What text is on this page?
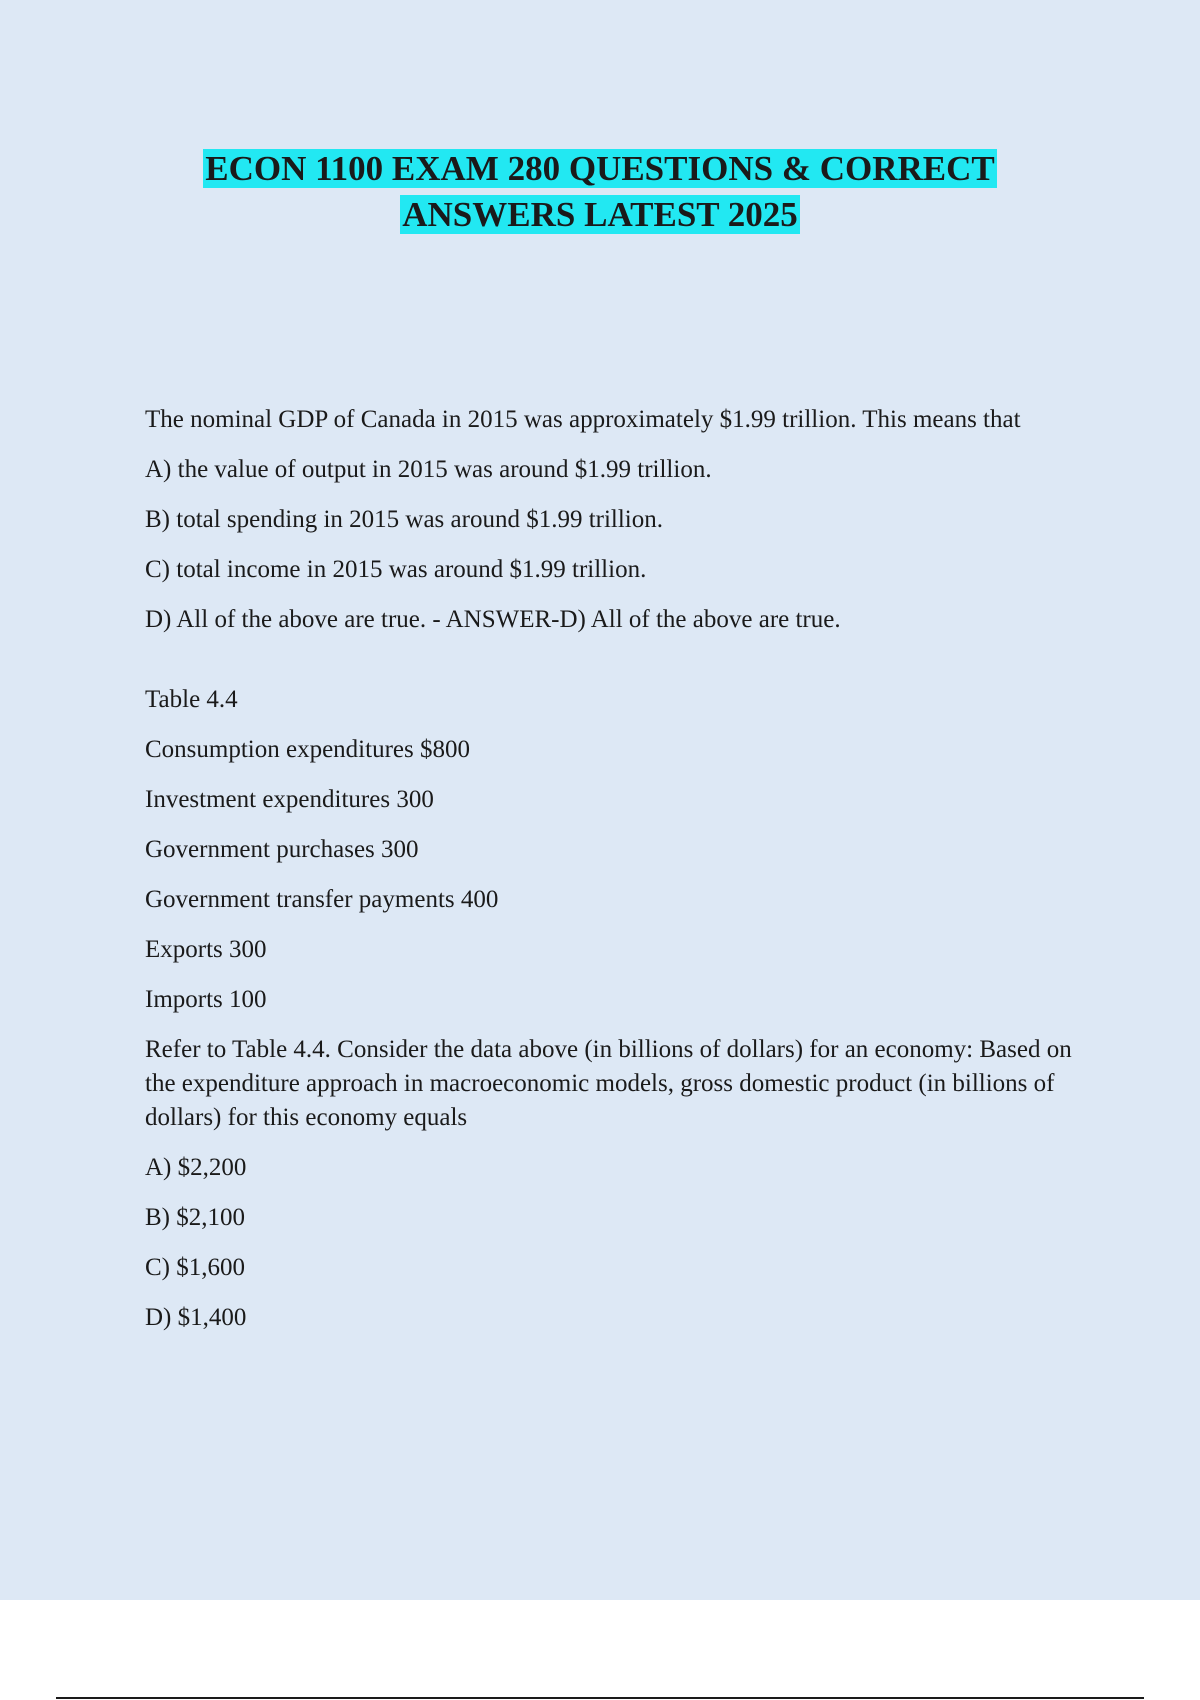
ECON 1100 EXAM 280 QUESTIONS & CORRECT
ANSWERS LATEST 2025

The nominal GDP of Canada in 2015 was approximately $1.99 trillion. This means that

A) the value of output in 2015 was around $1.99 trillion.

B) total spending in 2015 was around $1.99 trillion.

C) total income in 2015 was around $1.99 trillion.

D) All of the above are true. - ANSWER-D) All of the above are true.

Table 4.4

Consumption expenditures $800

Investment expenditures 300

Government purchases 300

Government transfer payments 400

Exports 300

Imports 100

Refer to Table 4.4. Consider the data above (in billions of dollars) for an economy: Based on the expenditure approach in macroeconomic models, gross domestic product (in billions of dollars) for this economy equals

A) $2,200

B) $2,100

C) $1,600

D) $1,400
